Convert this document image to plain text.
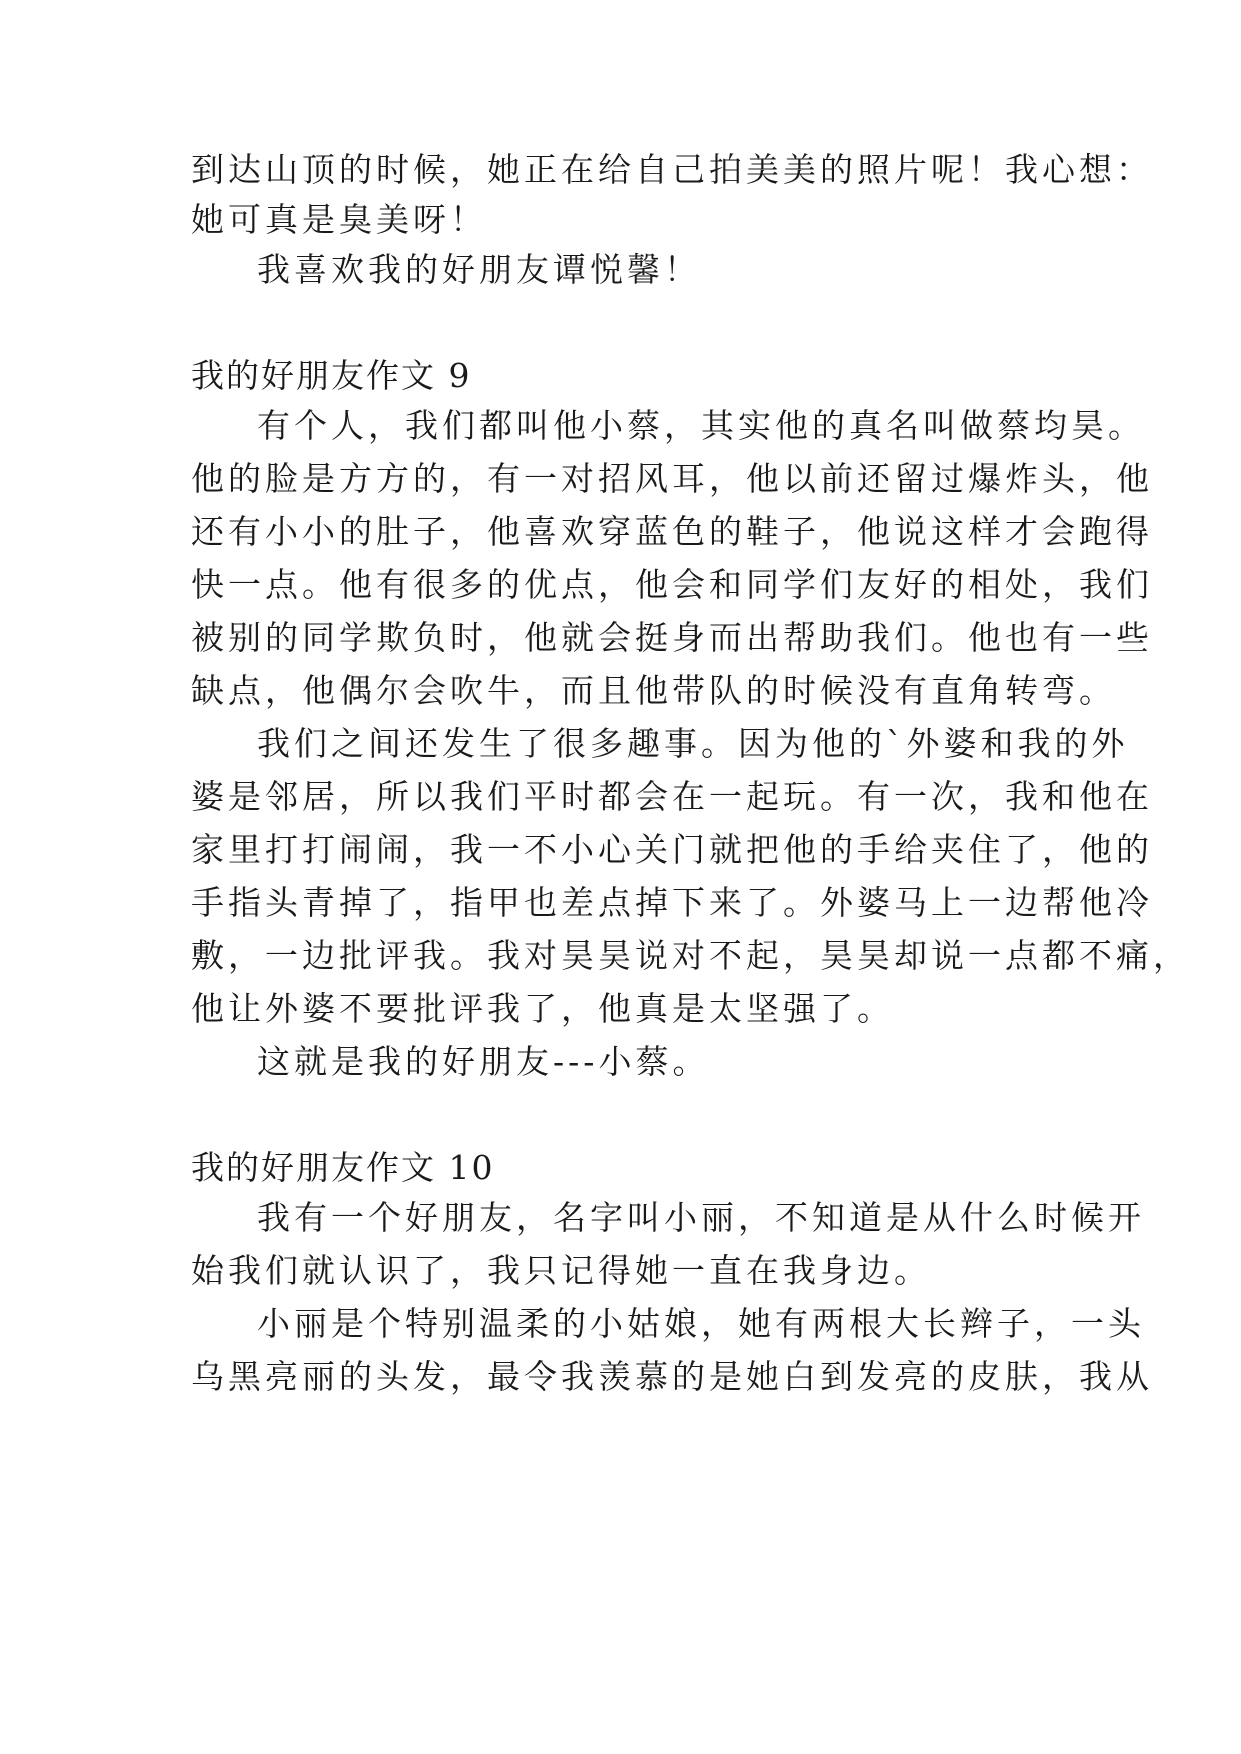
到达山顶的时候，她正在给自己拍美美的照片呢！我心想：
她可真是臭美呀！
我喜欢我的好朋友谭悦馨！
我的好朋友作文 9
有个人，我们都叫他小蔡，其实他的真名叫做蔡均昊。
他的脸是方方的，有一对招风耳，他以前还留过爆炸头，他
还有小小的肚子，他喜欢穿蓝色的鞋子，他说这样才会跑得
快一点。他有很多的优点，他会和同学们友好的相处，我们
被别的同学欺负时，他就会挺身而出帮助我们。他也有一些
缺点，他偶尔会吹牛，而且他带队的时候没有直角转弯。
我们之间还发生了很多趣事。因为他的`外婆和我的外
婆是邻居，所以我们平时都会在一起玩。有一次，我和他在
家里打打闹闹，我一不小心关门就把他的手给夹住了，他的
手指头青掉了，指甲也差点掉下来了。外婆马上一边帮他冷
敷，一边批评我。我对昊昊说对不起，昊昊却说一点都不痛，
他让外婆不要批评我了，他真是太坚强了。
这就是我的好朋友---小蔡。
我的好朋友作文 10
我有一个好朋友，名字叫小丽，不知道是从什么时候开
始我们就认识了，我只记得她一直在我身边。
小丽是个特别温柔的小姑娘，她有两根大长辫子，一头
乌黑亮丽的头发，最令我羡慕的是她白到发亮的皮肤，我从
